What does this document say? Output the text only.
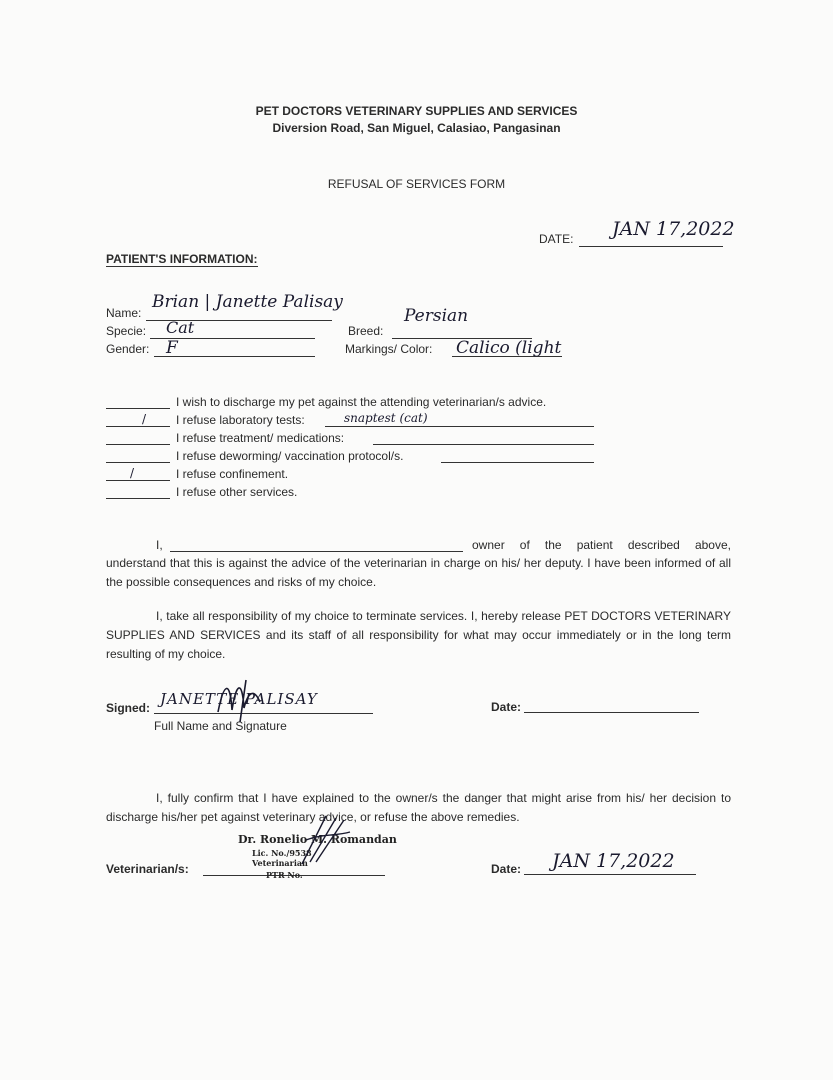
PET DOCTORS VETERINARY SUPPLIES AND SERVICES
Diversion Road, San Miguel, Calasiao, Pangasinan
REFUSAL OF SERVICES FORM
DATE: JAN 17,2022
PATIENT'S INFORMATION:
Name:
Brian | Janette Palisay
Specie: Cat
Gender: F
Breed:
Persian
Markings/ Color: Calico (light
I wish to discharge my pet against the attending veterinarian/s advice.
/ I refuse laboratory tests:	snaptest (cat)
I refuse treatment/ medications:
I refuse deworming/ vaccination protocol/s.
/	I refuse confinement.
I refuse other services.
I,	owner of the patient described above,
understand that this is against the advice of the veterinarian in charge on his/ her deputy. I have been informed of all the possible consequences and risks of my choice.
I, take all responsibility of my choice to terminate services. I, hereby release PET DOCTORS VETERINARY SUPPLIES AND SERVICES and its staff of all responsibility for what may occur immediately or in the long term resulting of my choice.
Signed: JANETTE PALISAY
Full Name and Signature
Date:
I, fully confirm that I have explained to the owner/s the danger that might arise from his/ her decision to discharge his/her pet against veterinary advice, or refuse the above remedies.
Veterinarian/s:
Dr. Ronelio M. Romandan
Lic. No./9538
Veterinarian
PTR No.	Date: JAN 17,2022
